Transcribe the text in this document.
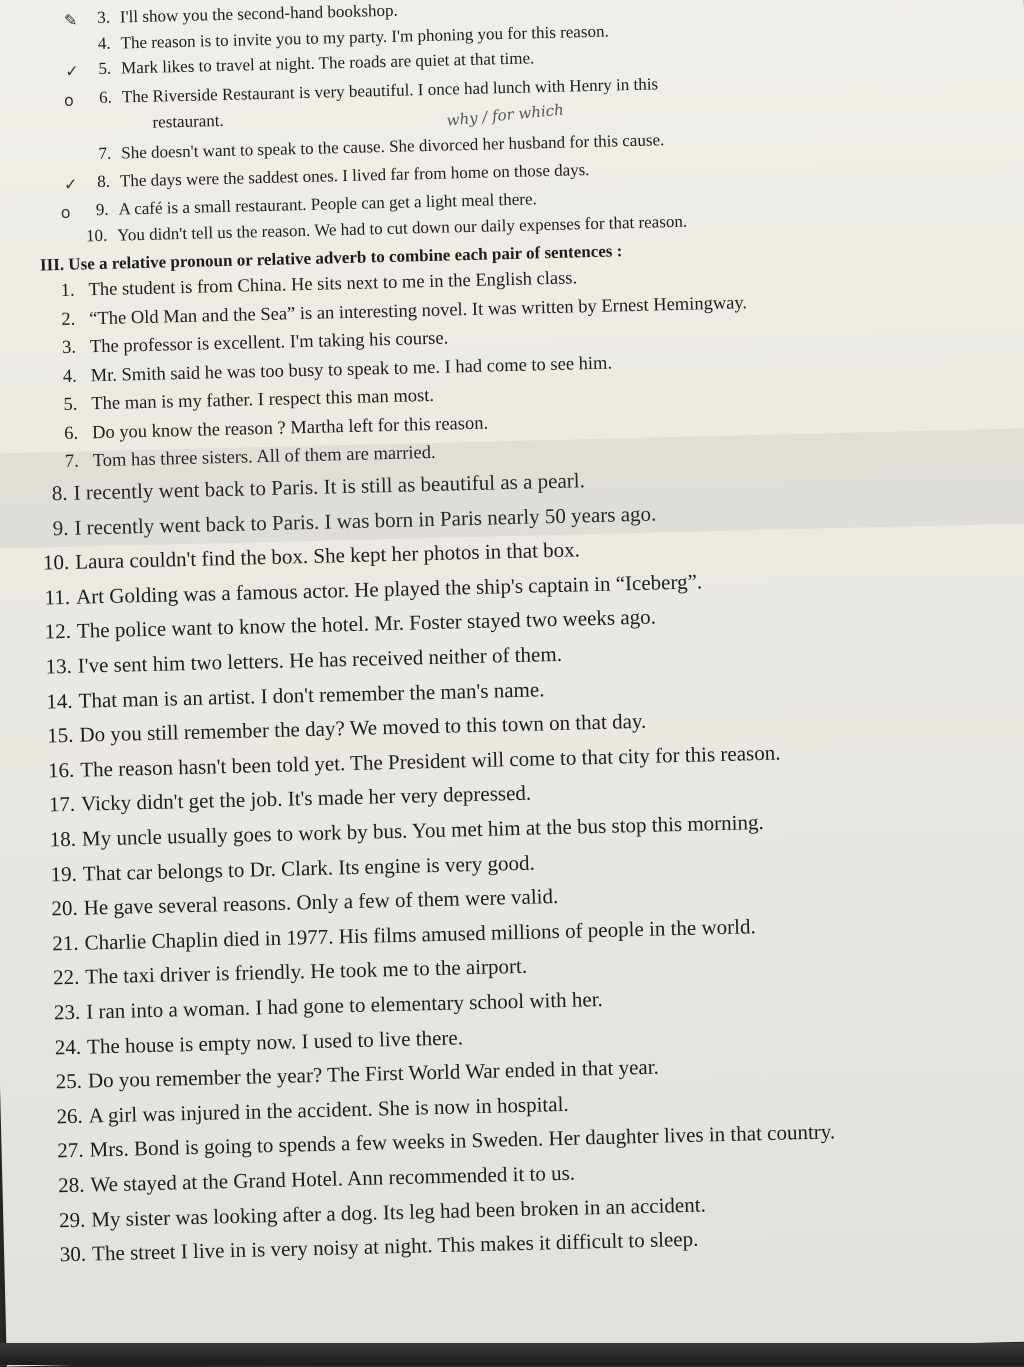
3. I'll show you the second-hand bookshop.
✎
4. The reason is to invite you to my party. I'm phoning you for this reason.
5. Mark likes to travel at night. The roads are quiet at that time.
✓
6. The Riverside Restaurant is very beautiful. I once had lunch with Henry in this
o
restaurant.
7. She doesn't want to speak to the cause. She divorced her husband for this cause.
8. The days were the saddest ones. I lived far from home on those days.
✓
9. A café is a small restaurant. People can get a light meal there.
o
10. You didn't tell us the reason. We had to cut down our daily expenses for that reason.
why / for which
III. Use a relative pronoun or relative adverb to combine each pair of sentences :
1. The student is from China. He sits next to me in the English class.
2. “The Old Man and the Sea” is an interesting novel. It was written by Ernest Hemingway.
3. The professor is excellent. I'm taking his course.
4. Mr. Smith said he was too busy to speak to me. I had come to see him.
5. The man is my father. I respect this man most.
6. Do you know the reason ? Martha left for this reason.
7. Tom has three sisters. All of them are married.
8. I recently went back to Paris. It is still as beautiful as a pearl.
9. I recently went back to Paris. I was born in Paris nearly 50 years ago.
10. Laura couldn't find the box. She kept her photos in that box.
11. Art Golding was a famous actor. He played the ship's captain in “Iceberg”.
12. The police want to know the hotel. Mr. Foster stayed two weeks ago.
13. I've sent him two letters. He has received neither of them.
14. That man is an artist. I don't remember the man's name.
15. Do you still remember the day? We moved to this town on that day.
16. The reason hasn't been told yet. The President will come to that city for this reason.
17. Vicky didn't get the job. It's made her very depressed.
18. My uncle usually goes to work by bus. You met him at the bus stop this morning.
19. That car belongs to Dr. Clark. Its engine is very good.
20. He gave several reasons. Only a few of them were valid.
21. Charlie Chaplin died in 1977. His films amused millions of people in the world.
22. The taxi driver is friendly. He took me to the airport.
23. I ran into a woman. I had gone to elementary school with her.
24. The house is empty now. I used to live there.
25. Do you remember the year? The First World War ended in that year.
26. A girl was injured in the accident. She is now in hospital.
27. Mrs. Bond is going to spends a few weeks in Sweden. Her daughter lives in that country.
28. We stayed at the Grand Hotel. Ann recommended it to us.
29. My sister was looking after a dog. Its leg had been broken in an accident.
30. The street I live in is very noisy at night. This makes it difficult to sleep.
